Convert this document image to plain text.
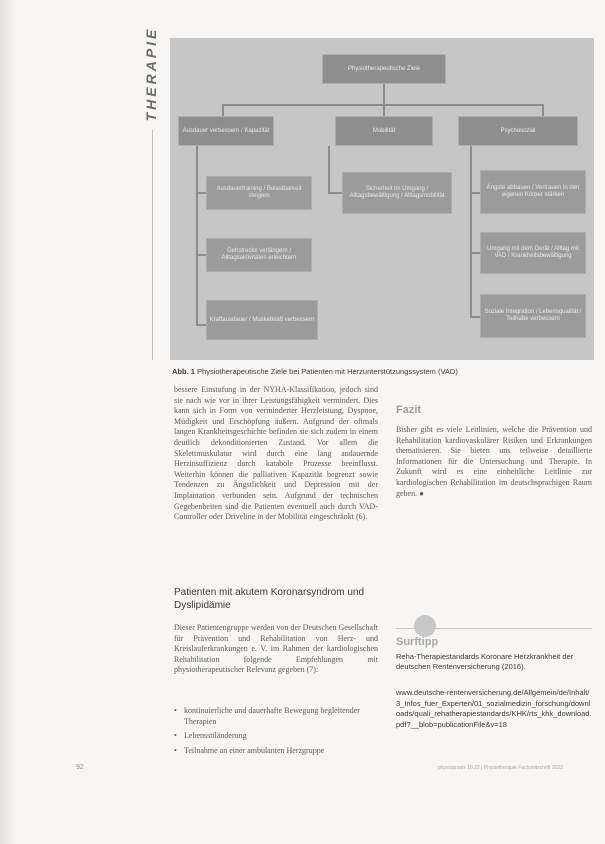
THERAPIE	Physiotherapeutische Ziele
Ausdauer verbessern / Kapazität	Mobilität	Psychosozial
Ausdauertraining / Belastbarkeit steigern
Gehstrecke verlängern / Alltagsaktivitäten erleichtern
Kraftausdauer / Muskelkraft verbessern
Sicherheit im Umgang / Alltagsbewältigung / Alltagsmobilität
Ängste abbauen / Vertrauen in den eigenen Körper stärken
Umgang mit dem Gerät / Alltag mit VAD / Krankheitsbewältigung
Soziale Integration / Lebensqualität / Teilhabe verbessern
Abb. 1 Physiotherapeutische Ziele bei Patienten mit Herzunterstützungssystem (VAD)
bessere Einstufung in der NYHA-Klassifikation, jedoch sind sie nach wie vor in ihrer Leistungsfähigkeit vermindert. Dies kann sich in Form von verminderter Herzleistung, Dyspnoe, Müdigkeit und Erschöpfung äußern. Aufgrund der oftmals langen Krankheitsgeschichte befinden sie sich zudem in einem deutlich dekonditionierten Zustand. Vor allem die Skelettmuskulatur wird durch eine lang andauernde Herzinsuffizienz durch katabole Prozesse beeinflusst. Weiterhin können die palliativen Kapazität begrenzt sowie Tendenzen zu Ängstlichkeit und Depression mit der Implantation verbunden sein. Aufgrund der technischen Gegebenheiten sind die Patienten eventuell auch durch VAD-Controller oder Driveline in der Mobilität eingeschränkt (6).
Patienten mit akutem Koronarsyndrom und Dyslipidämie
Dieser Patientengruppe werden von der Deutschen Gesellschaft für Prävention und Rehabilitation von Herz- und Kreislauferkrankungen e. V. im Rahmen der kardiologischen Rehabilitation folgende Empfehlungen mit physiotherapeutischer Relevanz gegeben (7):
• kontinuierliche und dauerhafte Bewegung begleitender Therapien
• Lebensstiländerung
• Teilnahme an einer ambulanten Herzgruppe
Fazit
Bisher gibt es viele Leitlinien, welche die Prävention und Rehabilitation kardiovaskulärer Risiken und Erkrankungen thematisieren. Sie bieten uns teilweise detaillierte Informationen für die Untersuchung und Therapie. In Zukunft wird es eine einheitliche Leitlinie zur kardiologischen Rehabilitation im deutschsprachigen Raum geben. ●
Surftipp
Reha-Therapiestandards Koronare Herzkrankheit der deutschen Rentenversicherung (2016).
www.deutsche-rentenversicherung.de/Allgemein/de/Inhalt/3_Infos_fuer_Experten/01_sozialmedizin_forschung/downloads/quali_rehatherapiestandards/KHK/rts_khk_download.pdf?__blob=publicationFile&v=18
92	physiopraxis 10.22 | Physiotherapie Fachzeitschrift 2022
